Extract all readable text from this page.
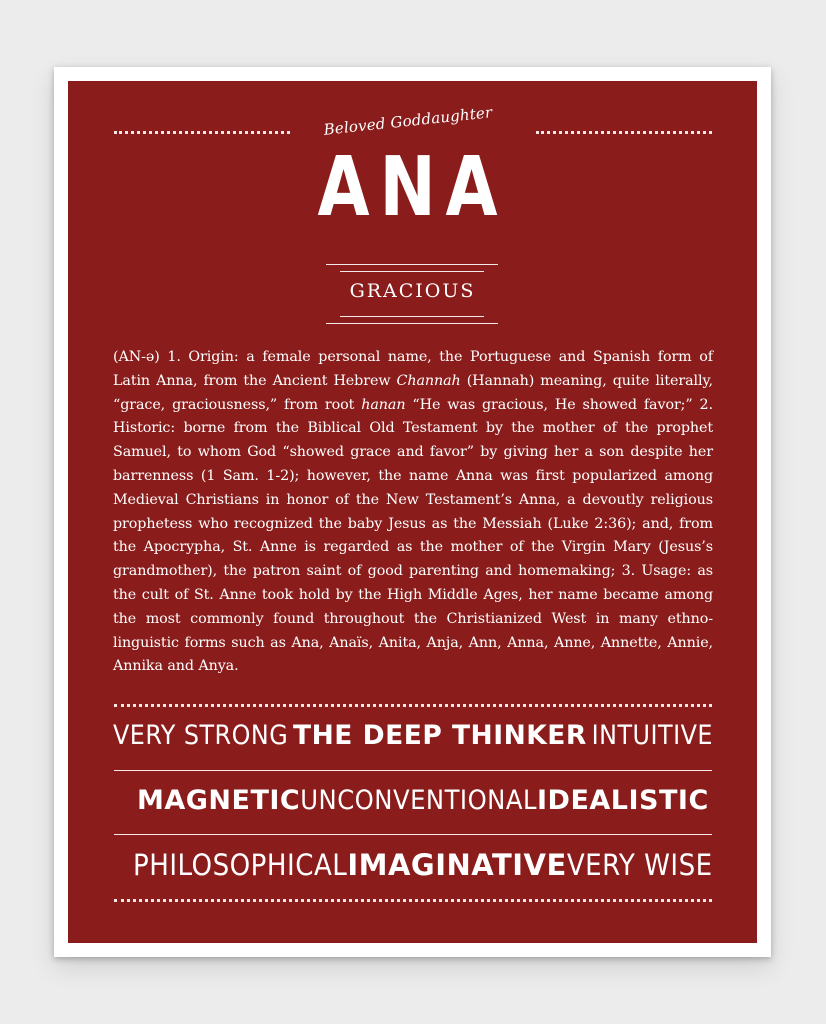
Beloved Goddaughter
ANA
GRACIOUS

(AN-ə) 1. Origin: a female personal name, the Portuguese and Spanish form of Latin Anna, from the Ancient Hebrew Channah (Hannah) meaning, quite literally, “grace, graciousness,” from root hanan “He was gracious, He showed favor;” 2. Historic: borne from the Biblical Old Testament by the mother of the prophet Samuel, to whom God “showed grace and favor” by giving her a son despite her barrenness (1 Sam. 1-2); however, the name Anna was first popularized among Medieval Christians in honor of the New Testament’s Anna, a devoutly religious prophetess who recognized the baby Jesus as the Messiah (Luke 2:36); and, from the Apocrypha, St. Anne is regarded as the mother of the Virgin Mary (Jesus’s grandmother), the patron saint of good parenting and homemaking; 3. Usage: as the cult of St. Anne took hold by the High Middle Ages, her name became among the most commonly found throughout the Christianized West in many ethno-linguistic forms such as Ana, Anaïs, Anita, Anja, Ann, Anna, Anne, Annette, Annie, Annika and Anya.

VERY STRONG THE DEEP THINKER INTUITIVE
MAGNETIC UNCONVENTIONAL IDEALISTIC
PHILOSOPHICAL IMAGINATIVE VERY WISE
